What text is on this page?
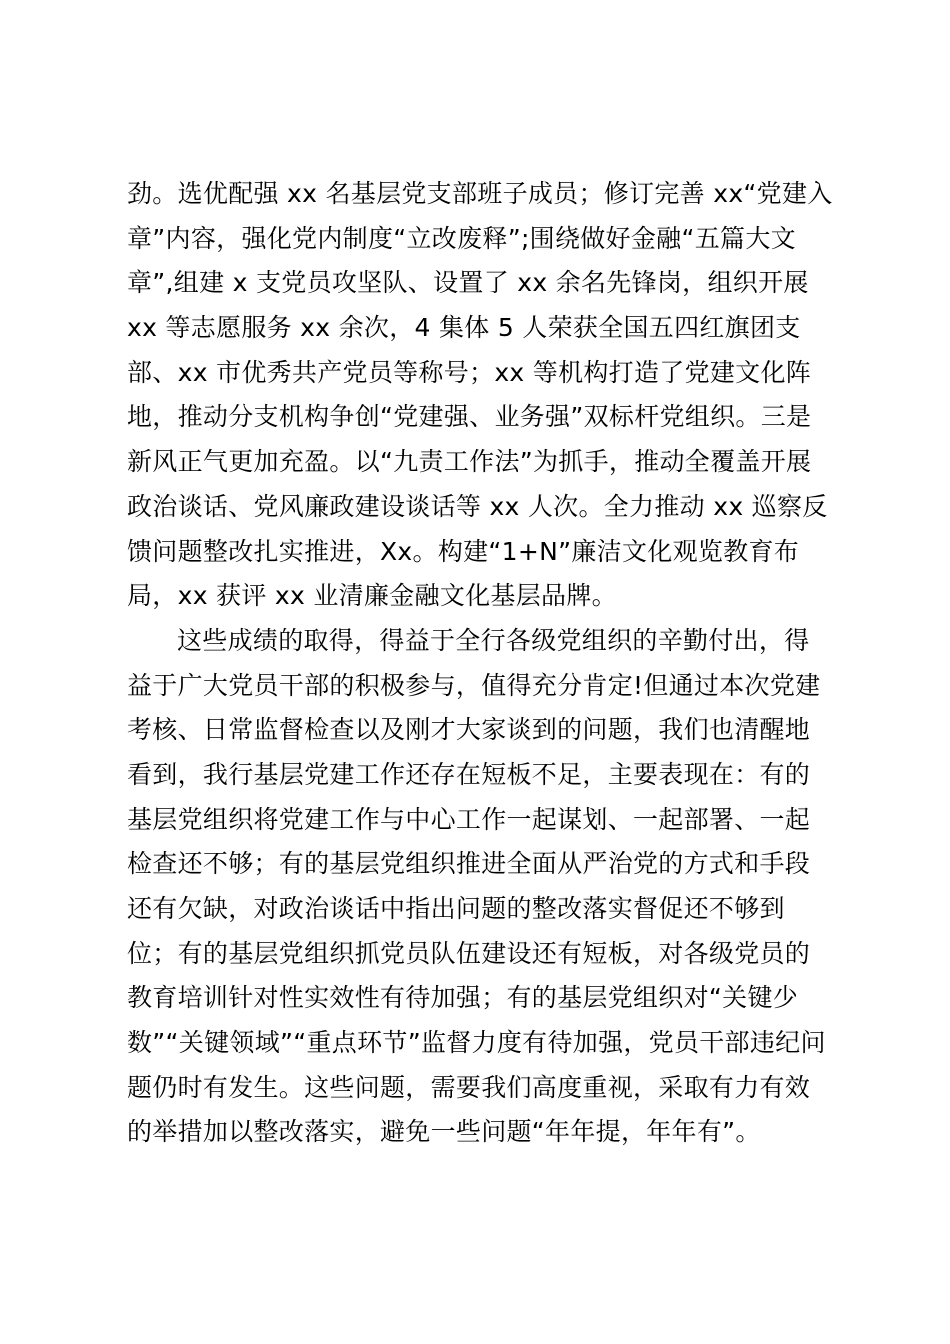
劲。选优配强 xx 名基层党支部班子成员；修订完善 xx“党建入
章”内容，强化党内制度“立改废释”;围绕做好金融“五篇大文
章”,组建 x 支党员攻坚队、设置了 xx 余名先锋岗，组织开展
xx 等志愿服务 xx 余次，4 集体 5 人荣获全国五四红旗团支
部、xx 市优秀共产党员等称号；xx 等机构打造了党建文化阵
地，推动分支机构争创“党建强、业务强”双标杆党组织。三是
新风正气更加充盈。以“九责工作法”为抓手，推动全覆盖开展
政治谈话、党风廉政建设谈话等 xx 人次。全力推动 xx 巡察反
馈问题整改扎实推进，Xx。构建“1+N”廉洁文化观览教育布
局，xx 获评 xx 业清廉金融文化基层品牌。
这些成绩的取得，得益于全行各级党组织的辛勤付出，得
益于广大党员干部的积极参与，值得充分肯定!但通过本次党建
考核、日常监督检查以及刚才大家谈到的问题，我们也清醒地
看到，我行基层党建工作还存在短板不足，主要表现在：有的
基层党组织将党建工作与中心工作一起谋划、一起部署、一起
检查还不够；有的基层党组织推进全面从严治党的方式和手段
还有欠缺，对政治谈话中指出问题的整改落实督促还不够到
位；有的基层党组织抓党员队伍建设还有短板，对各级党员的
教育培训针对性实效性有待加强；有的基层党组织对“关键少
数”“关键领域”“重点环节”监督力度有待加强，党员干部违纪问
题仍时有发生。这些问题，需要我们高度重视，采取有力有效
的举措加以整改落实，避免一些问题“年年提，年年有”。
